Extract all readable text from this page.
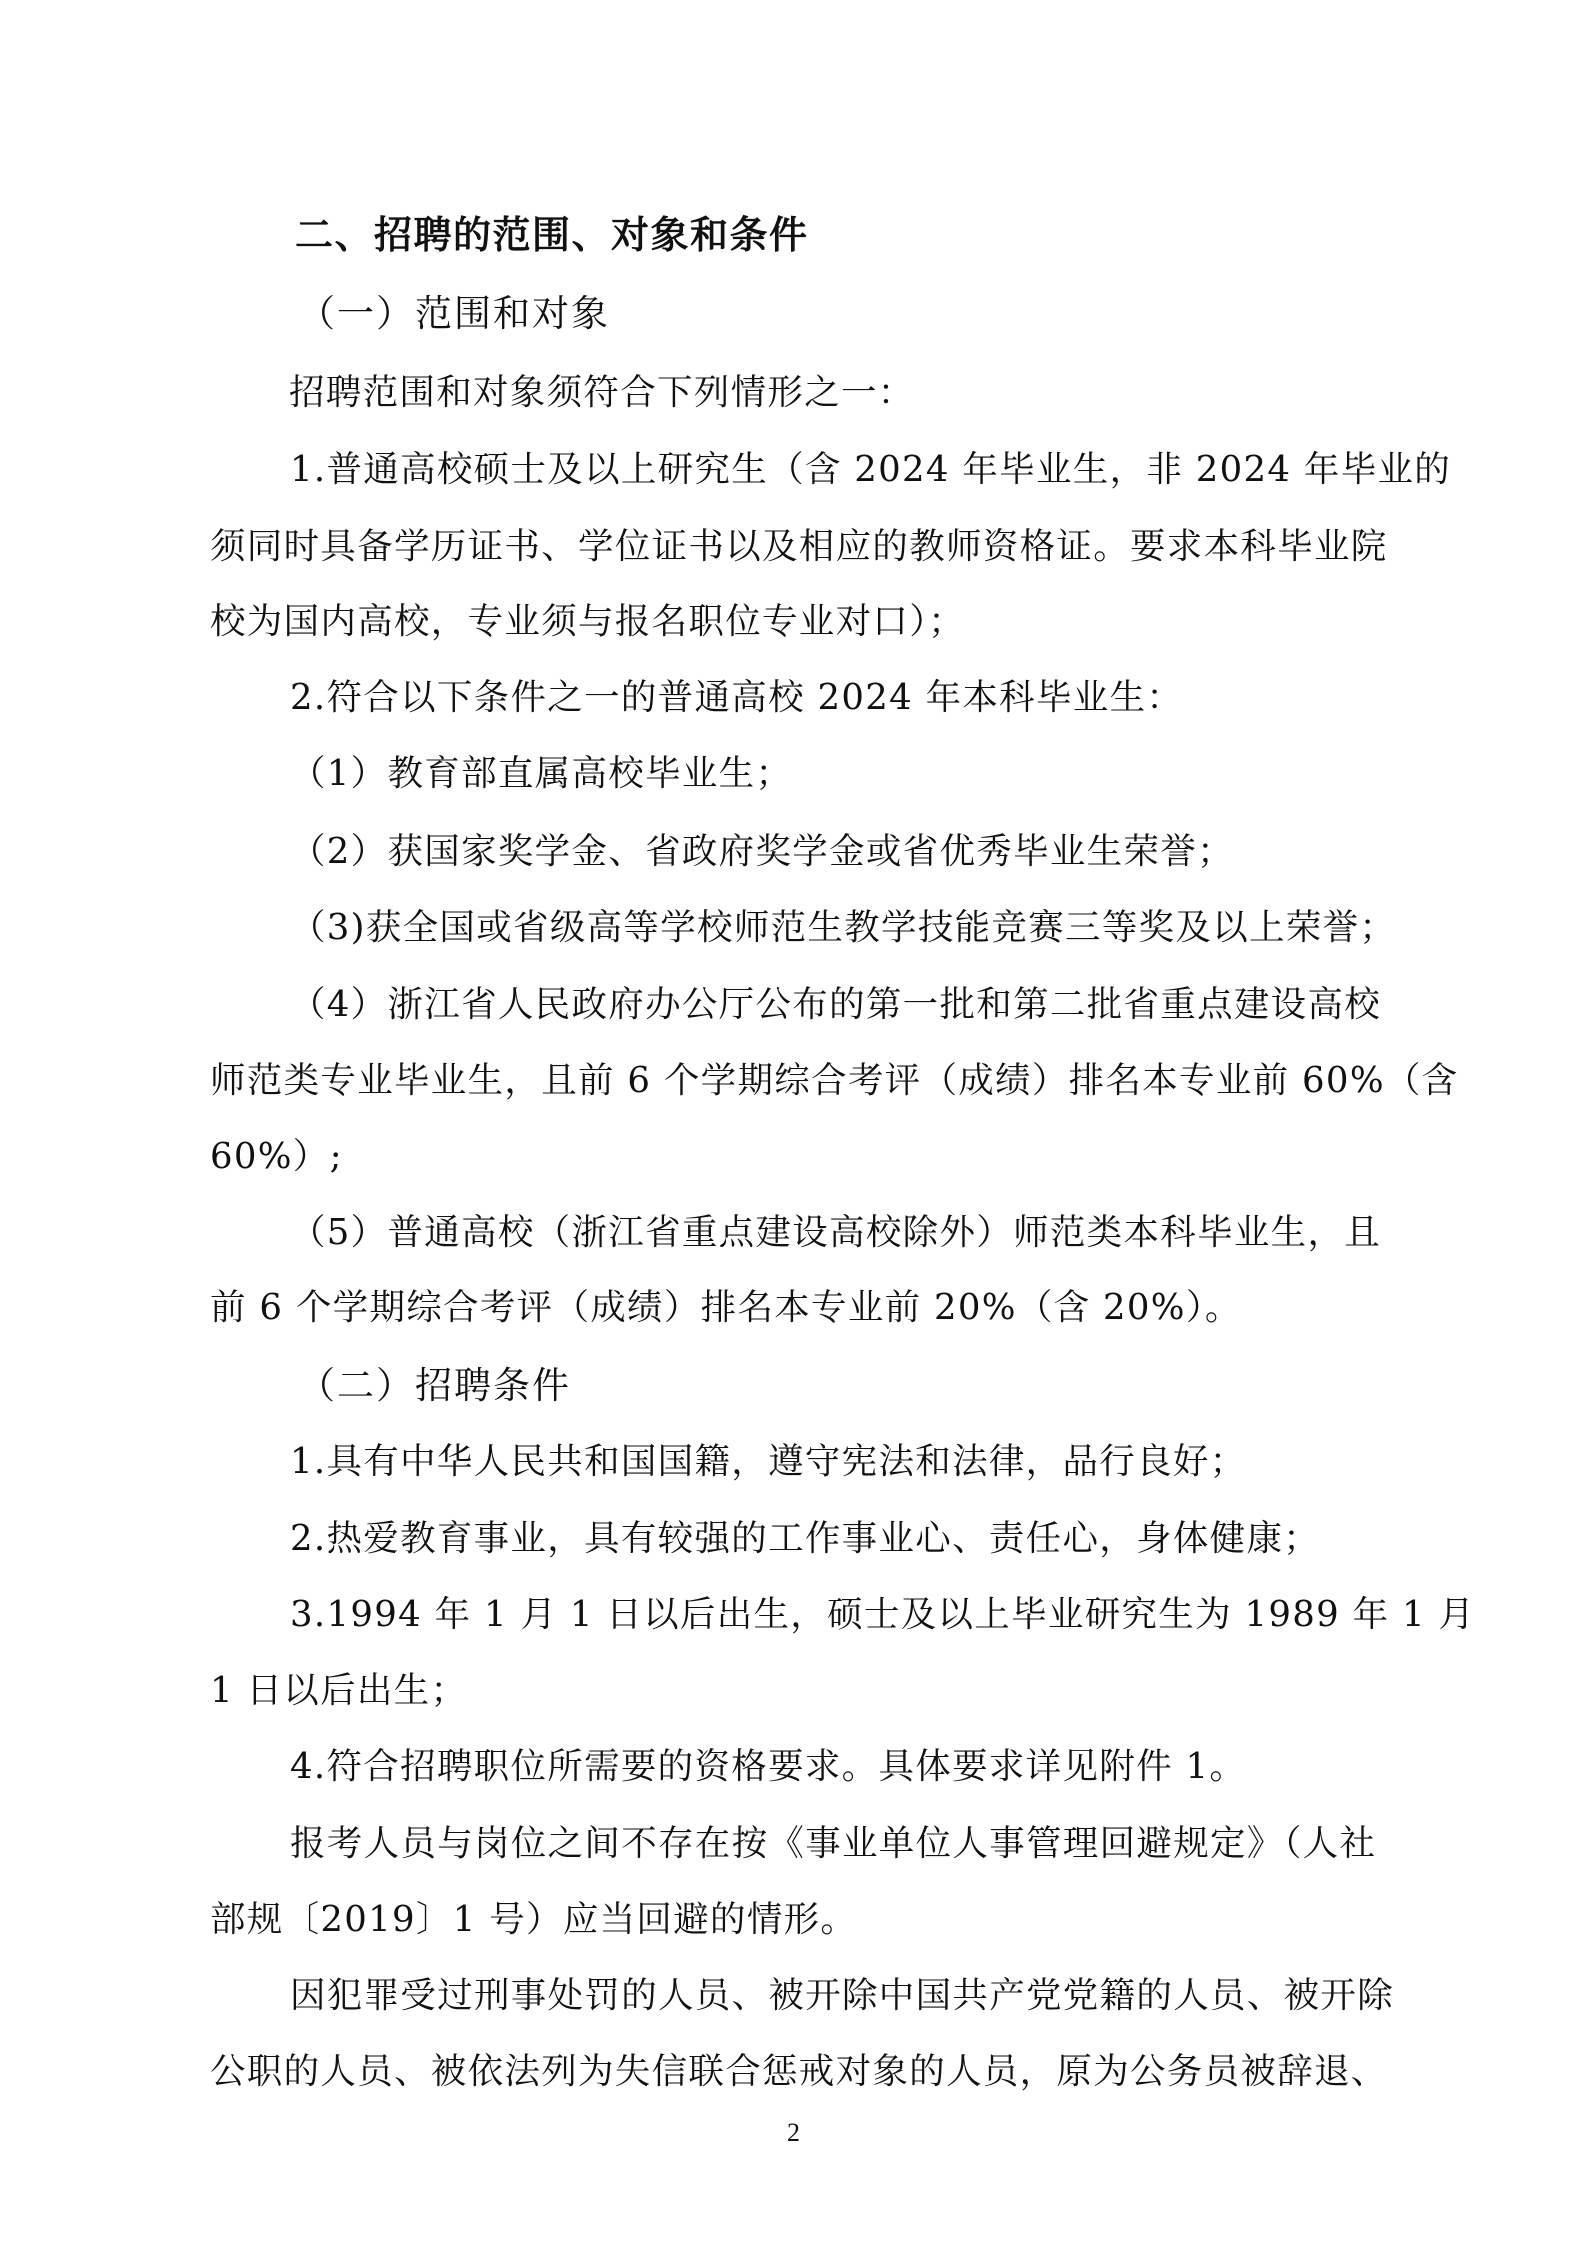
二、招聘的范围、对象和条件
（一）范围和对象
招聘范围和对象须符合下列情形之一：
1.普通高校硕士及以上研究生（含 2024 年毕业生，非 2024 年毕业的
须同时具备学历证书、学位证书以及相应的教师资格证。要求本科毕业院
校为国内高校，专业须与报名职位专业对口）；
2.符合以下条件之一的普通高校 2024 年本科毕业生：
（1）教育部直属高校毕业生；
（2）获国家奖学金、省政府奖学金或省优秀毕业生荣誉；
（3)获全国或省级高等学校师范生教学技能竞赛三等奖及以上荣誉；
（4）浙江省人民政府办公厅公布的第一批和第二批省重点建设高校
师范类专业毕业生，且前 6 个学期综合考评（成绩）排名本专业前 60%（含
60%）;
（5）普通高校（浙江省重点建设高校除外）师范类本科毕业生，且
前 6 个学期综合考评（成绩）排名本专业前 20%（含 20%）。
（二）招聘条件
1.具有中华人民共和国国籍，遵守宪法和法律，品行良好；
2.热爱教育事业，具有较强的工作事业心、责任心，身体健康；
3.1994 年 1 月 1 日以后出生，硕士及以上毕业研究生为 1989 年 1 月
1 日以后出生；
4.符合招聘职位所需要的资格要求。具体要求详见附件 1。
报考人员与岗位之间不存在按《事业单位人事管理回避规定》（人社
部规〔2019〕1 号）应当回避的情形。
因犯罪受过刑事处罚的人员、被开除中国共产党党籍的人员、被开除
公职的人员、被依法列为失信联合惩戒对象的人员，原为公务员被辞退、
2
